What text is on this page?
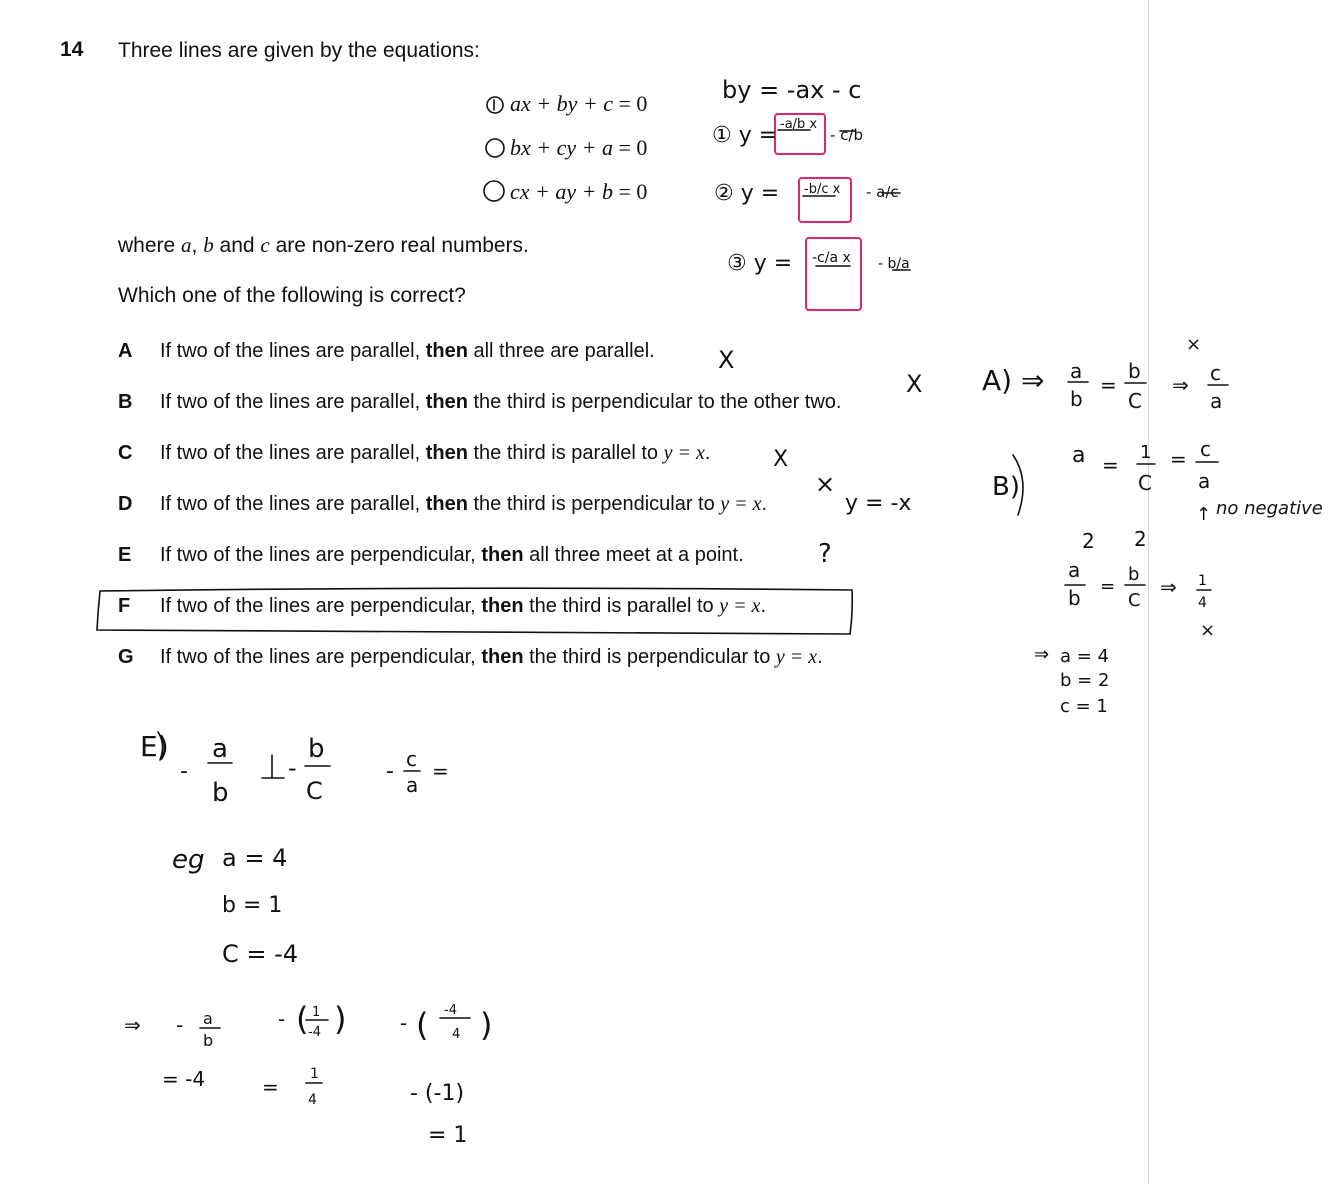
14 Three lines are given by the equations:
ax + by + c = 0
bx + cy + a = 0
cx + ay + b = 0
where a, b and c are non-zero real numbers.
Which one of the following is correct?
A If two of the lines are parallel, then all three are parallel.
B If two of the lines are parallel, then the third is perpendicular to the other two.
C If two of the lines are parallel, then the third is parallel to y = x.
D If two of the lines are parallel, then the third is perpendicular to y = x.
E If two of the lines are perpendicular, then all three meet at a point.
F If two of the lines are perpendicular, then the third is parallel to y = x.
G If two of the lines are perpendicular, then the third is perpendicular to y = x.
by = -ax - c
① y = -a/b x
- c/b
② y = -b/c x - a/c
③ y = -c/a x - b/a
X
X
X
×
y = -x
?
A) ⇒
×
a
b
=
b
C
⇒ c
a
B)
a =
1
C
= c
a
↑ no negative
2 2
a
b =
b
C
⇒ 1
4
×
⇒ a = 4
b = 2
c = 1
E)
-
a
b
-
b
C
- c
a
=
eg a = 4
b = 1
C = -4
⇒ - a
b
- ( 1
-4 )	- ( -4
4 )
= -4	=
1
4	- (-1)
= 1
